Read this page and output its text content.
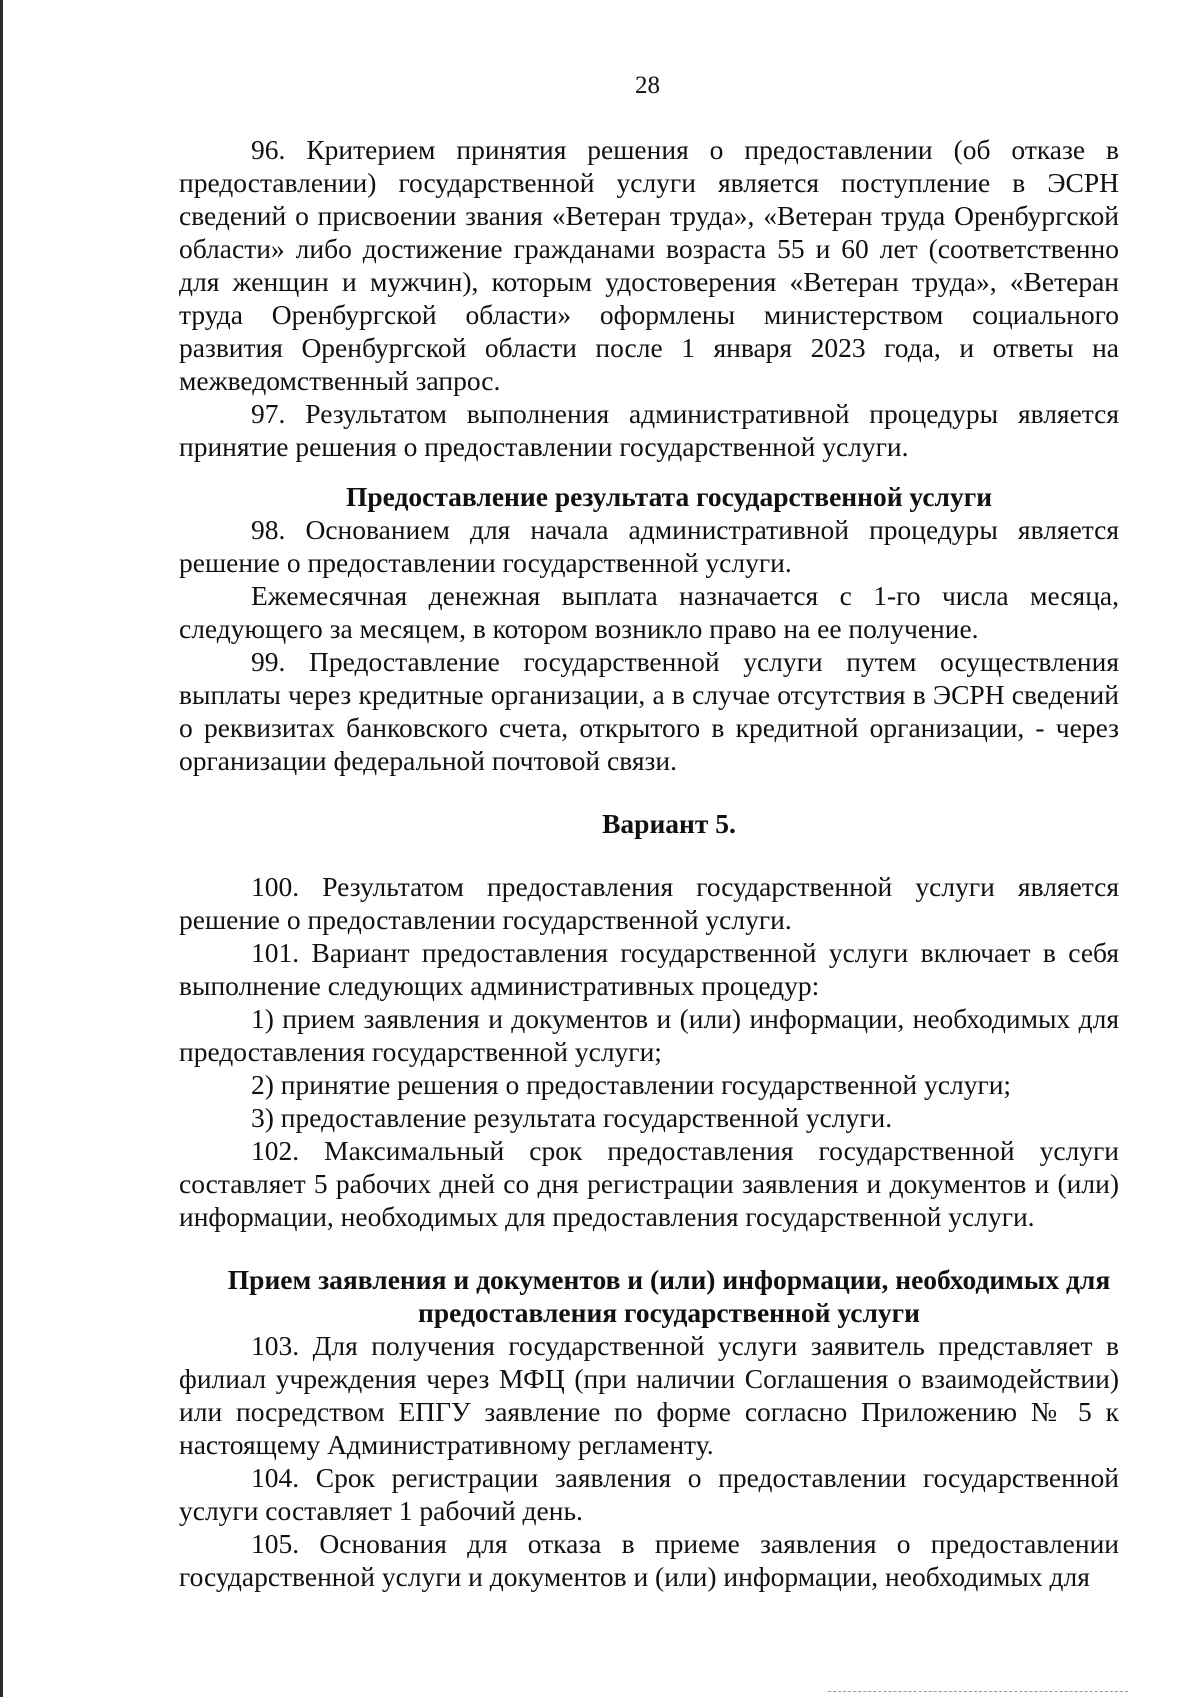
28

96. Критерием принятия решения о предоставлении (об отказе в предоставлении) государственной услуги является поступление в ЭСРН сведений о присвоении звания «Ветеран труда», «Ветеран труда Оренбургской области» либо достижение гражданами возраста 55 и 60 лет (соответственно для женщин и мужчин), которым удостоверения «Ветеран труда», «Ветеран труда Оренбургской области» оформлены министерством социального развития Оренбургской области после 1 января 2023 года, и ответы на межведомственный запрос.

97. Результатом выполнения административной процедуры является принятие решения о предоставлении государственной услуги.

Предоставление результата государственной услуги

98. Основанием для начала административной процедуры является решение о предоставлении государственной услуги.

Ежемесячная денежная выплата назначается с 1-го числа месяца, следующего за месяцем, в котором возникло право на ее получение.

99. Предоставление государственной услуги путем осуществления выплаты через кредитные организации, а в случае отсутствия в ЭСРН сведений о реквизитах банковского счета, открытого в кредитной организации, - через организации федеральной почтовой связи.

Вариант 5.

100. Результатом предоставления государственной услуги является решение о предоставлении государственной услуги.

101. Вариант предоставления государственной услуги включает в себя выполнение следующих административных процедур:

1) прием заявления и документов и (или) информации, необходимых для предоставления государственной услуги;

2) принятие решения о предоставлении государственной услуги;

3) предоставление результата государственной услуги.

102. Максимальный срок предоставления государственной услуги составляет 5 рабочих дней со дня регистрации заявления и документов и (или) информации, необходимых для предоставления государственной услуги.

Прием заявления и документов и (или) информации, необходимых для предоставления государственной услуги

103. Для получения государственной услуги заявитель представляет в филиал учреждения через МФЦ (при наличии Соглашения о взаимодействии) или посредством ЕПГУ заявление по форме согласно Приложению № 5 к настоящему Административному регламенту.

104. Срок регистрации заявления о предоставлении государственной услуги составляет 1 рабочий день.

105. Основания для отказа в приеме заявления о предоставлении государственной услуги и документов и (или) информации, необходимых для
